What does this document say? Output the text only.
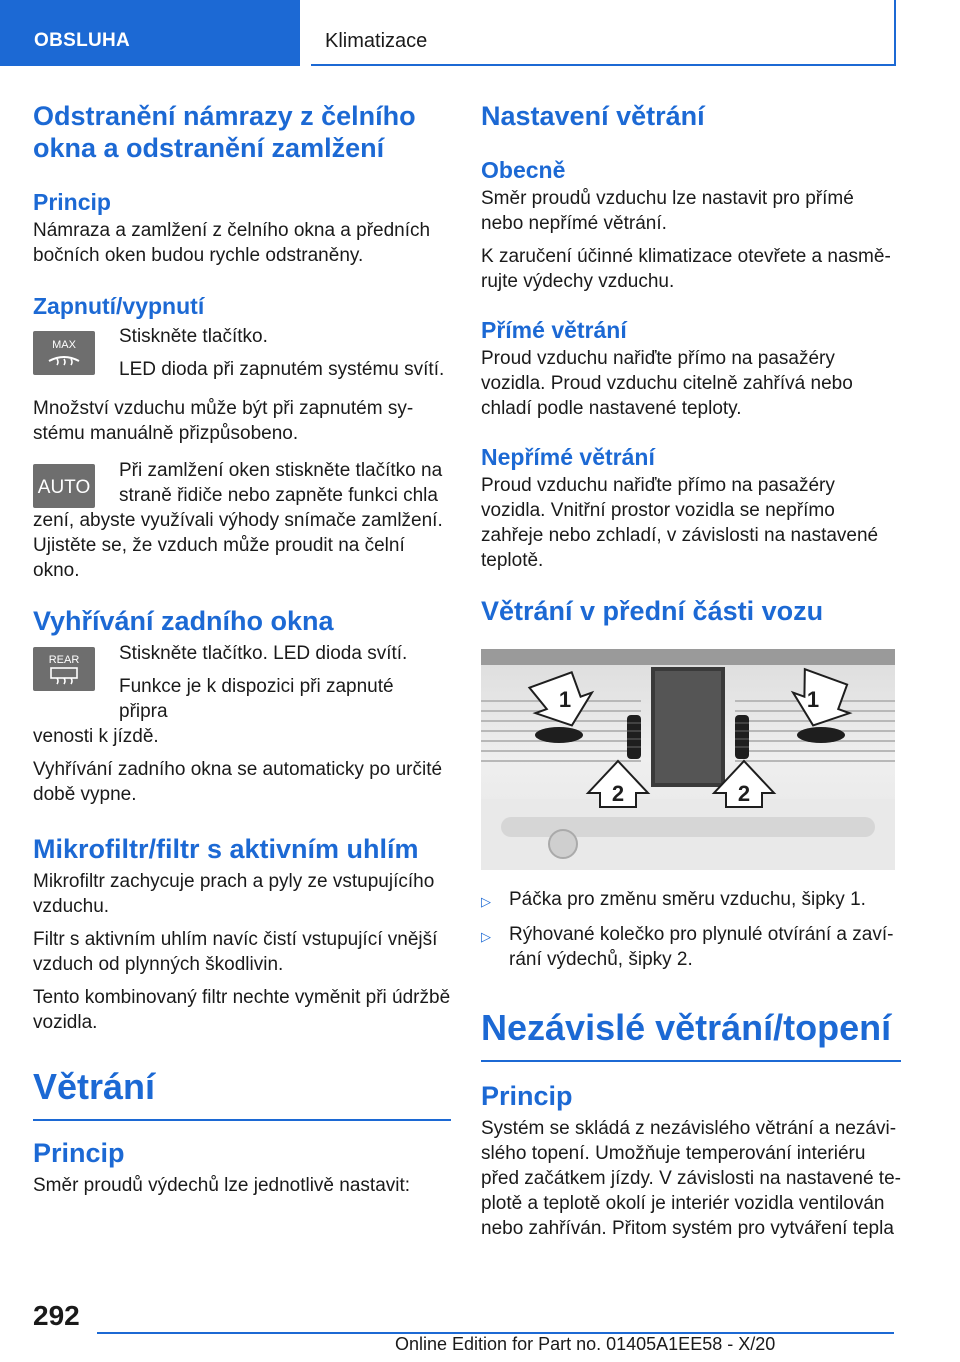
OBSLUHA	Klimatizace
Odstranění námrazy z čelního okna a odstranění zamlžení
Princip

Námraza a zamlžení z čelního okna a předních bočních oken budou rychle odstraněny.

Zapnutí/vypnutí
MAX Stiskněte tlačítko.

LED dioda při zapnutém systému svítí.

Množství vzduchu může být při zapnutém systému manuálně přizpůsobeno.

AUTO

Při zamlžení oken stiskněte tlačítko na straně řidiče nebo zapněte funkci chla

zení, abyste využívali výhody snímače zamlžení. Ujistěte se, že vzduch může proudit na čelní okno.

Vyhřívání zadního okna
REAR Stiskněte tlačítko. LED dioda svítí.

Funkce je k dispozici při zapnuté připra

venosti k jízdě.

Vyhřívání zadního okna se automaticky po určité době vypne.

Mikrofiltr/filtr s aktivním uhlím

Mikrofiltr zachycuje prach a pyly ze vstupujícího vzduchu.

Filtr s aktivním uhlím navíc čistí vstupující vnější vzduch od plynných škodlivin.

Tento kombinovaný filtr nechte vyměnit při údržbě vozidla.

Větrání
Princip

Směr proudů výdechů lze jednotlivě nastavit:

Nastavení větrání
Obecně

Směr proudů vzduchu lze nastavit pro přímé nebo nepřímé větrání.

K zaručení účinné klimatizace otevřete a nasměrujte výdechy vzduchu.

Přímé větrání

Proud vzduchu nařiďte přímo na pasažéry vozidla. Proud vzduchu citelně zahřívá nebo chladí podle nastavené teploty.

Nepřímé větrání

Proud vzduchu nařiďte přímo na pasažéry vozidla. Vnitřní prostor vozidla se nepřímo zahřeje nebo zchladí, v závislosti na nastavené teplotě.

Větrání v přední části vozu
1	1
2	2
▷ Páčka pro změnu směru vzduchu, šipky 1.
▷ Rýhované kolečko pro plynulé otvírání a zavírání výdechů, šipky 2.
Nezávislé větrání/topení
Princip

Systém se skládá z nezávislého větrání a nezávislého topení. Umožňuje temperování interiéru před začátkem jízdy. V závislosti na nastavené teplotě a teplotě okolí je interiér vozidla ventilován nebo zahříván. Přitom systém pro vytváření tepla

292
Online Edition for Part no. 01405A1EE58 - X/20
